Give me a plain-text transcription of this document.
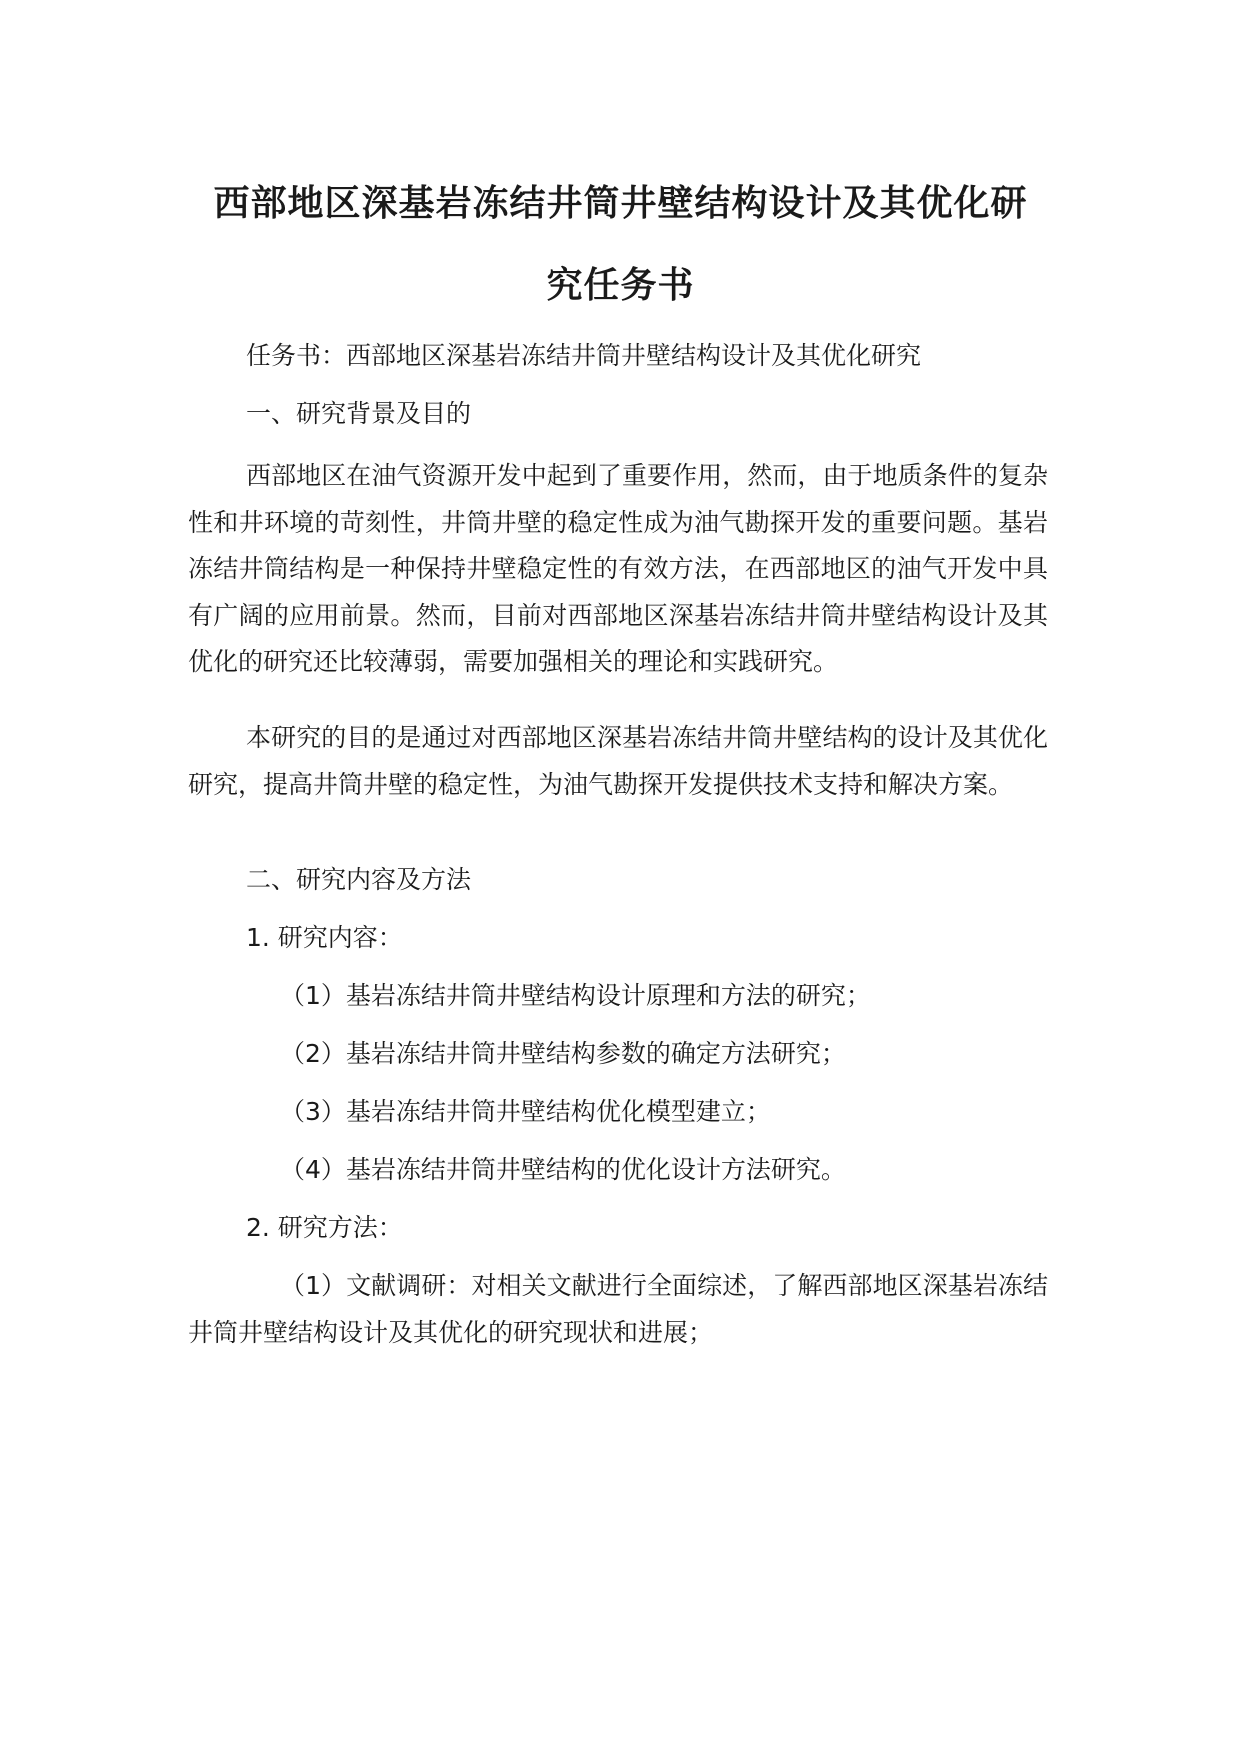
西部地区深基岩冻结井筒井壁结构设计及其优化研
究任务书
任务书：西部地区深基岩冻结井筒井壁结构设计及其优化研究
一、研究背景及目的
西部地区在油气资源开发中起到了重要作用，然而，由于地质条件的复杂性和井环境的苛刻性，井筒井壁的稳定性成为油气勘探开发的重要问题。基岩冻结井筒结构是一种保持井壁稳定性的有效方法，在西部地区的油气开发中具有广阔的应用前景。然而，目前对西部地区深基岩冻结井筒井壁结构设计及其优化的研究还比较薄弱，需要加强相关的理论和实践研究。
本研究的目的是通过对西部地区深基岩冻结井筒井壁结构的设计及其优化研究，提高井筒井壁的稳定性，为油气勘探开发提供技术支持和解决方案。
二、研究内容及方法
1. 研究内容：
（1）基岩冻结井筒井壁结构设计原理和方法的研究；
（2）基岩冻结井筒井壁结构参数的确定方法研究；
（3）基岩冻结井筒井壁结构优化模型建立；
（4）基岩冻结井筒井壁结构的优化设计方法研究。
2. 研究方法：
（1）文献调研：对相关文献进行全面综述，了解西部地区深基岩冻结井筒井壁结构设计及其优化的研究现状和进展；
